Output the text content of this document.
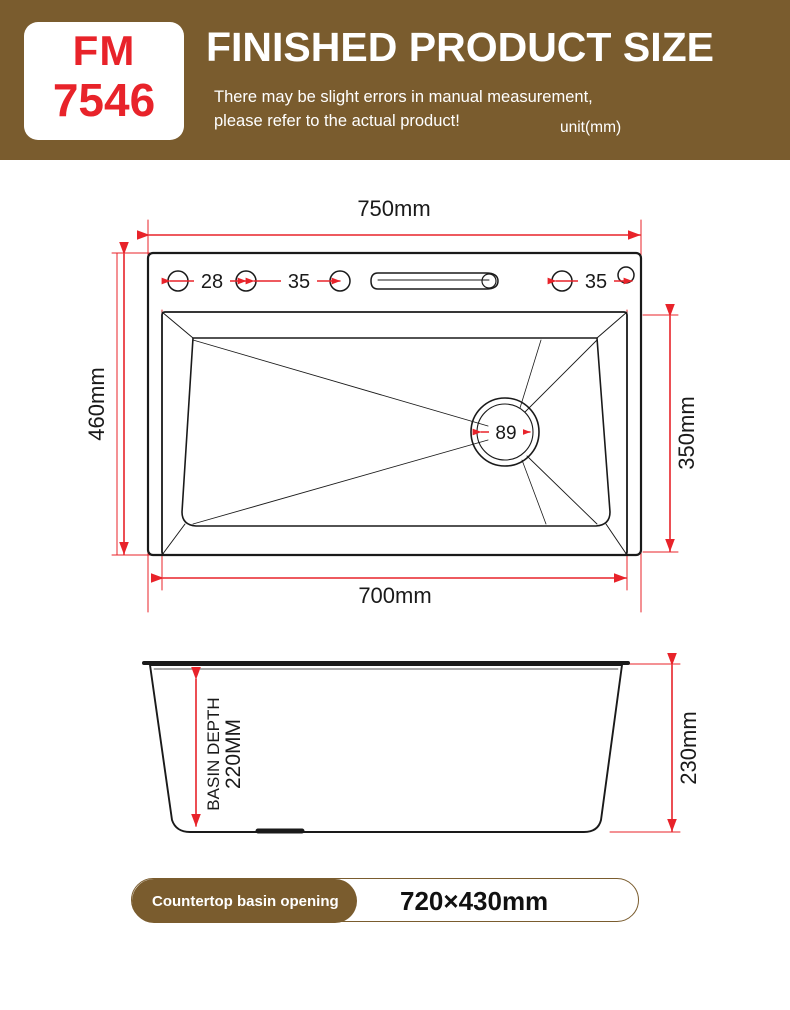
FM
7546
FINISHED PRODUCT SIZE
There may be slight errors in manual measurement,
please refer to the actual product!	unit(mm)
750mm
700mm
460mm	350mm
28	35	35
89
BASIN DEPTH 220MM	230mm
Countertop basin opening	720×430mm
